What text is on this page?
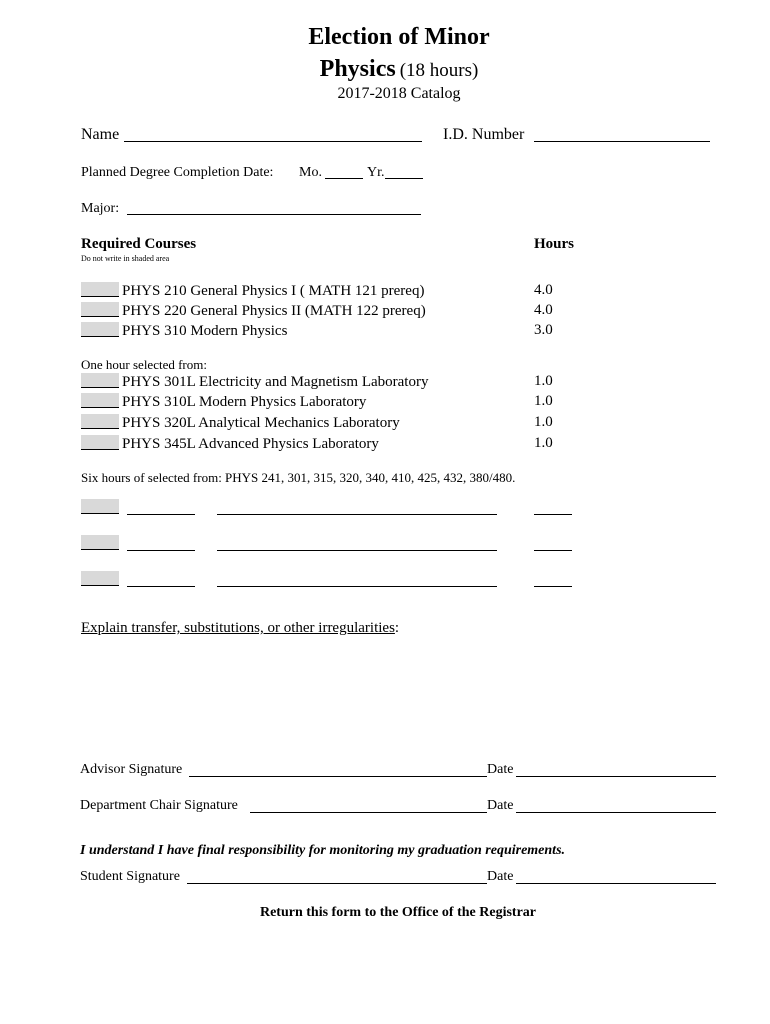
Election of Minor
Physics (18 hours)
2017-2018 Catalog
Name	I.D. Number
Planned Degree Completion Date: Mo.	Yr.
Major:
Required Courses
Do not write in shaded area
Hours
PHYS 210 General Physics I ( MATH 121 prereq)	4.0
PHYS 220 General Physics II (MATH 122 prereq)	4.0
PHYS 310 Modern Physics	3.0
One hour selected from:
PHYS 301L Electricity and Magnetism Laboratory	1.0
PHYS 310L Modern Physics Laboratory	1.0
PHYS 320L Analytical Mechanics Laboratory	1.0
PHYS 345L Advanced Physics Laboratory	1.0
Six hours of selected from: PHYS 241, 301, 315, 320, 340, 410, 425, 432, 380/480.
Explain transfer, substitutions, or other irregularities:
Advisor Signature	Date
Department Chair Signature	Date
I understand I have final responsibility for monitoring my graduation requirements.
Student Signature	Date
Return this form to the Office of the Registrar
